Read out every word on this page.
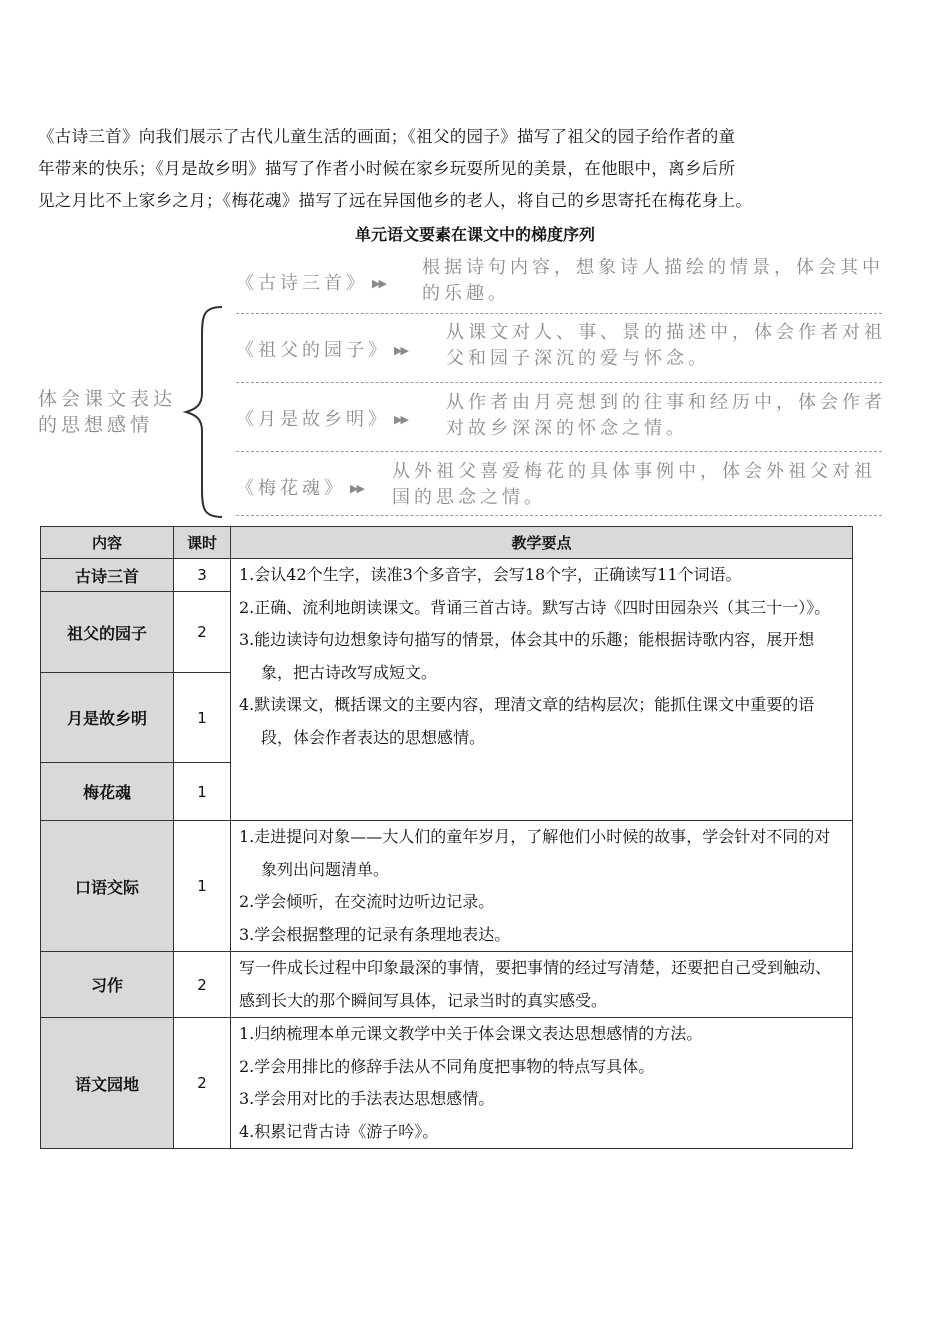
《古诗三首》向我们展示了古代儿童生活的画面；《祖父的园子》描写了祖父的园子给作者的童

年带来的快乐；《月是故乡明》描写了作者小时候在家乡玩耍所见的美景，在他眼中，离乡后所

见之月比不上家乡之月；《梅花魂》描写了远在异国他乡的老人，将自己的乡思寄托在梅花身上。

单元语文要素在课文中的梯度序列
体会课文表达的思想感情
《古诗三首》 ▶▶
根据诗句内容，想象诗人描绘的情景，体会其中的乐趣。
《祖父的园子》 ▶▶
从课文对人、事、景的描述中，体会作者对祖父和园子深沉的爱与怀念。
《月是故乡明》 ▶▶
从作者由月亮想到的往事和经历中，体会作者对故乡深深的怀念之情。
《梅花魂》 ▶▶
从外祖父喜爱梅花的具体事例中，体会外祖父对祖国的思念之情。
内容	课时	教学要点
古诗三首	3	1.会认42个生字，读准3个多音字，会写18个字，正确读写11个词语。

2.正确、流利地朗读课文。背诵三首古诗。默写古诗《四时田园杂兴（其三十一）》。

3.能边读诗句边想象诗句描写的情景，体会其中的乐趣；能根据诗歌内容，展开想象，把古诗改写成短文。

4.默读课文，概括课文的主要内容，理清文章的结构层次；能抓住课文中重要的语段，体会作者表达的思想感情。

祖父的园子	2	
月是故乡明	1	
梅花魂	1	
口语交际	1	1.走进提问对象——大人们的童年岁月，了解他们小时候的故事，学会针对不同的对象列出问题清单。

2.学会倾听，在交流时边听边记录。

3.学会根据整理的记录有条理地表达。

习作	2	写一件成长过程中印象最深的事情，要把事情的经过写清楚，还要把自己受到触动、感到长大的那个瞬间写具体，记录当时的真实感受。

语文园地	2	1.归纳梳理本单元课文教学中关于体会课文表达思想感情的方法。

2.学会用排比的修辞手法从不同角度把事物的特点写具体。

3.学会用对比的手法表达思想感情。

4.积累记背古诗《游子吟》。
